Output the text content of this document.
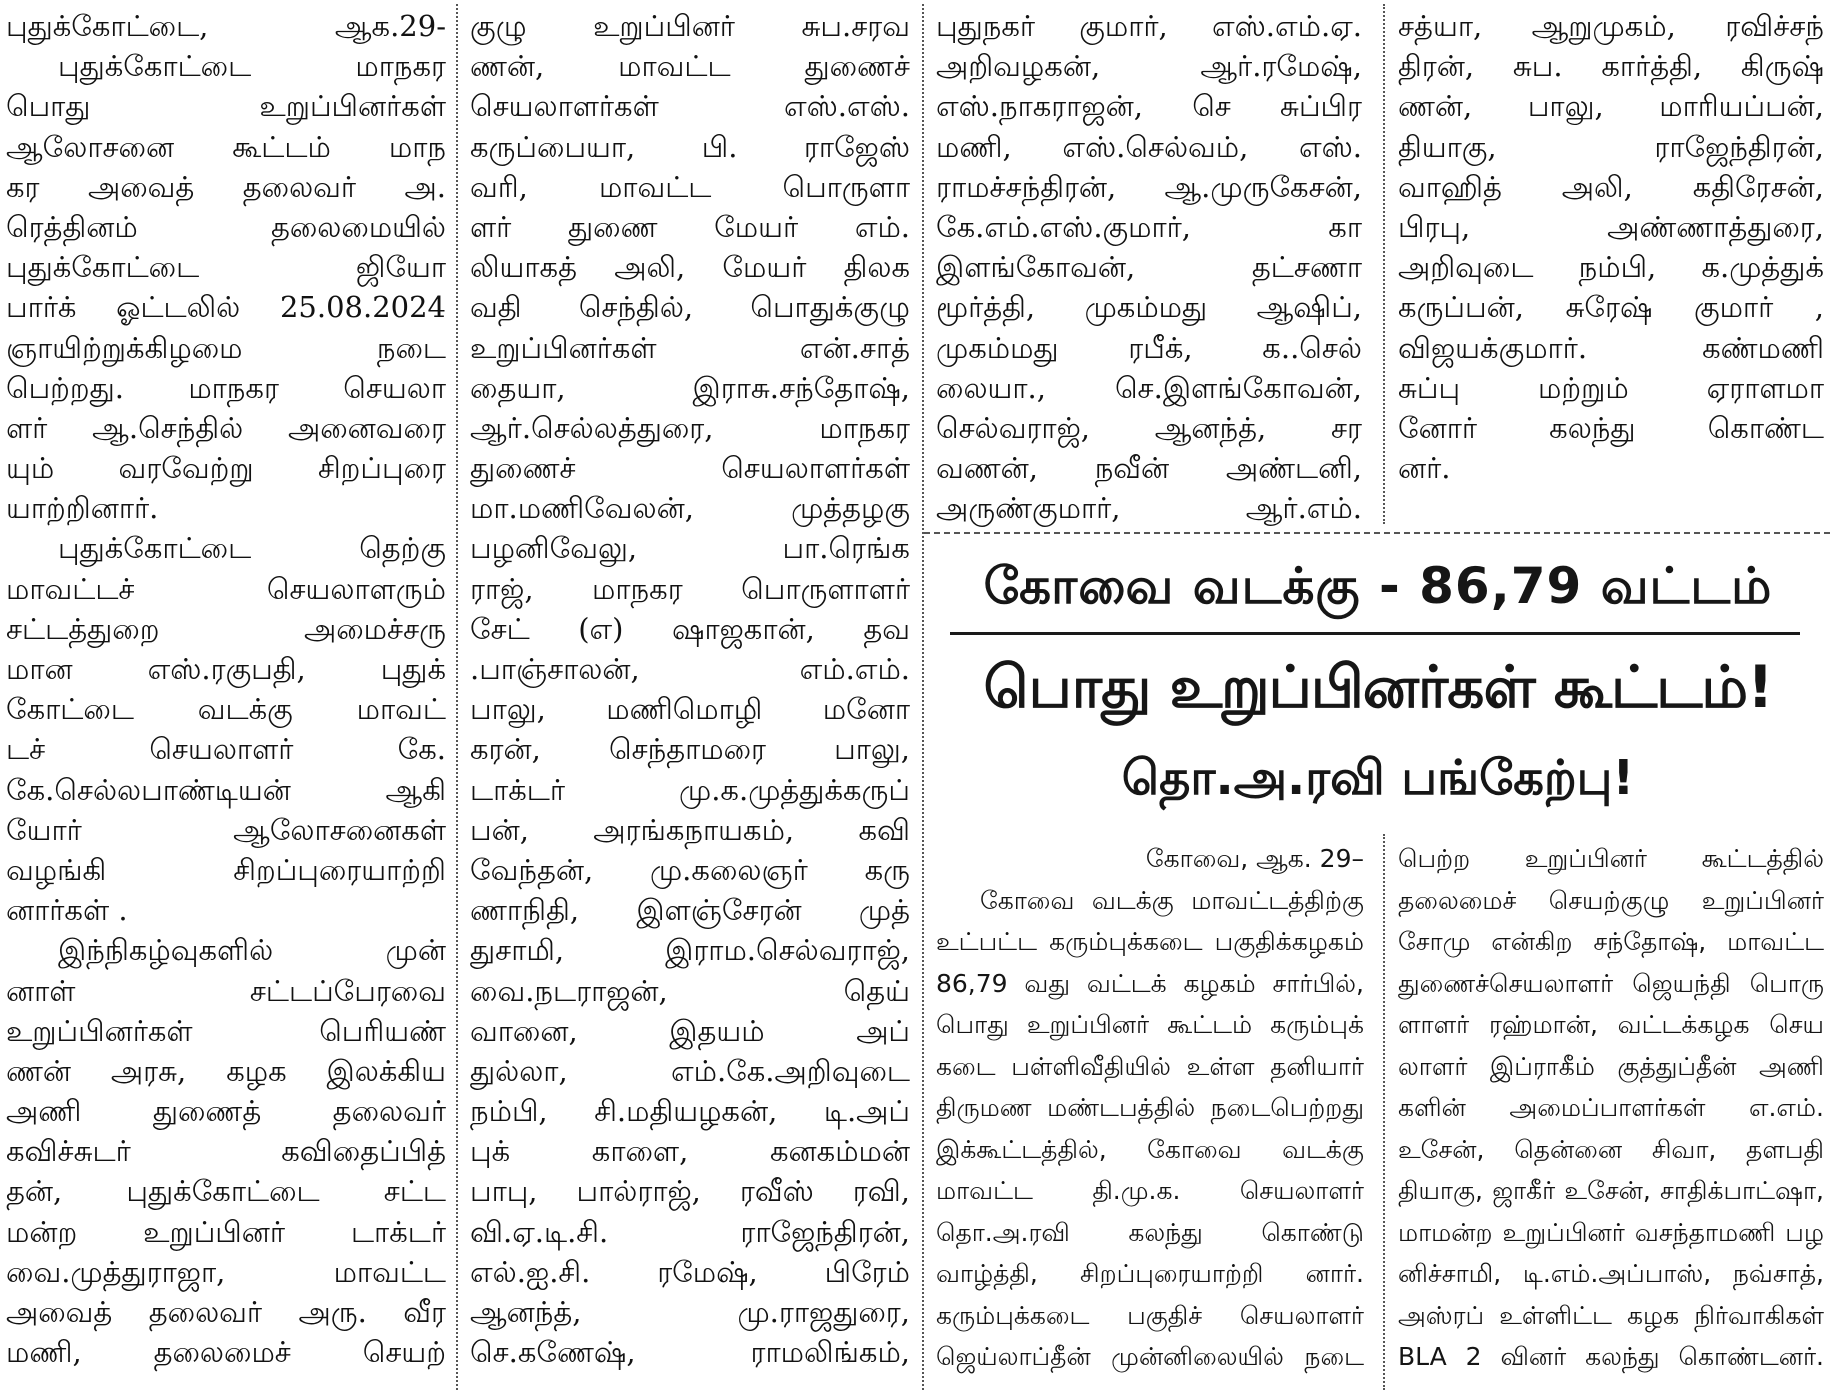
புதுக்கோட்டை, ஆக.29-
புதுக்கோட்டை மாநகர
பொது உறுப்பினர்கள்
ஆலோசனை கூட்டம் மாந
கர அவைத் தலைவர் அ.
ரெத்தினம் தலைமையில்
புதுக்கோட்டை ஜியோ
பார்க் ஓட்டலில் 25.08.2024
ஞாயிற்றுக்கிழமை நடை
பெற்றது. மாநகர செயலா
ளர் ஆ.செந்தில் அனைவரை
யும் வரவேற்று சிறப்புரை
யாற்றினார்.
புதுக்கோட்டை தெற்கு
மாவட்டச் செயலாளரும்
சட்டத்துறை அமைச்சரு
மான எஸ்.ரகுபதி, புதுக்
கோட்டை வடக்கு மாவட்
டச் செயலாளர் கே.
கே.செல்லபாண்டியன் ஆகி
யோர் ஆலோசனைகள்
வழங்கி சிறப்புரையாற்றி
னார்கள் .
இந்நிகழ்வுகளில் முன்
னாள் சட்டப்பேரவை
உறுப்பினர்கள் பெரியண்
ணன் அரசு, கழக இலக்கிய
அணி துணைத் தலைவர்
கவிச்சுடர் கவிதைப்பித்
தன், புதுக்கோட்டை சட்ட
மன்ற உறுப்பினர் டாக்டர்
வை.முத்துராஜா, மாவட்ட
அவைத் தலைவர் அரு. வீர
மணி, தலைமைச் செயற்
குழு உறுப்பினர் சுப.சரவ
ணன், மாவட்ட துணைச்
செயலாளர்கள் எஸ்.எஸ்.
கருப்பையா, பி. ராஜேஸ்
வரி, மாவட்ட பொருளா
ளர் துணை மேயர் எம்.
லியாகத் அலி, மேயர் திலக
வதி செந்தில், பொதுக்குழு
உறுப்பினர்கள் என்.சாத்
தையா, இராசு.சந்தோஷ்,
ஆர்.செல்லத்துரை, மாநகர
துணைச் செயலாளர்கள்
மா.மணிவேலன், முத்தழகு
பழனிவேலு, பா.ரெங்க
ராஜ், மாநகர பொருளாளர்
சேட் (எ) ஷாஜகான், தவ
.பாஞ்சாலன், எம்.எம்.
பாலு, மணிமொழி மனோ
கரன், செந்தாமரை பாலு,
டாக்டர் மு.க.முத்துக்கருப்
பன், அரங்கநாயகம், கவி
வேந்தன், மு.கலைஞர் கரு
ணாநிதி, இளஞ்சேரன் முத்
துசாமி, இராம.செல்வராஜ்,
வை.நடராஜன், தெய்
வானை, இதயம் அப்
துல்லா, எம்.கே.அறிவுடை
நம்பி, சி.மதியழகன், டி.அப்
புக் காளை, கனகம்மன்
பாபு, பால்ராஜ், ரவீஸ் ரவி,
வி.ஏ.டி.சி. ராஜேந்திரன்,
எல்.ஐ.சி. ரமேஷ், பிரேம்
ஆனந்த், மு.ராஜதுரை,
செ.கணேஷ், ராமலிங்கம்,
புதுநகர் குமார், எஸ்.எம்.ஏ.
அறிவழகன், ஆர்.ரமேஷ்,
எஸ்.நாகராஜன், செ சுப்பிர
மணி, எஸ்.செல்வம், எஸ்.
ராமச்சந்திரன், ஆ.முருகேசன்,
கே.எம்.எஸ்.குமார், கா
இளங்கோவன், தட்சணா
மூர்த்தி, முகம்மது ஆஷிப்,
முகம்மது ரபீக், க..செல்
லையா., செ.இளங்கோவன்,
செல்வராஜ், ஆனந்த், சர
வணன், நவீன் அண்டனி,
அருண்குமார், ஆர்.எம்.
சத்யா, ஆறுமுகம், ரவிச்சந்
திரன், சுப. கார்த்தி, கிருஷ்
ணன், பாலு, மாரியப்பன்,
தியாகு, ராஜேந்திரன்,
வாஹித் அலி, கதிரேசன்,
பிரபு, அண்ணாத்துரை,
அறிவுடை நம்பி, க.முத்துக்
கருப்பன், சுரேஷ் குமார் ,
விஜயக்குமார். கண்மணி
சுப்பு மற்றும் ஏராளமா
னோர் கலந்து கொண்ட
னர்.
கோவை வடக்கு - 86,79 வட்டம்
பொது உறுப்பினர்கள் கூட்டம்!
தொ.அ.ரவி பங்கேற்பு!
கோவை, ஆக. 29–
கோவை வடக்கு மாவட்டத்திற்கு
உட்பட்ட கரும்புக்கடை பகுதிக்கழகம்
86,79 வது வட்டக் கழகம் சார்பில்,
பொது உறுப்பினர் கூட்டம் கரும்புக்
கடை பள்ளிவீதியில் உள்ள தனியார்
திருமண மண்டபத்தில் நடைபெற்றது
இக்கூட்டத்தில், கோவை வடக்கு
மாவட்ட தி.மு.க. செயலாளர்
தொ.அ.ரவி கலந்து கொண்டு
வாழ்த்தி, சிறப்புரையாற்றி னார்.
கரும்புக்கடை பகுதிச் செயலாளர்
ஜெய்லாப்தீன் முன்னிலையில் நடை
பெற்ற உறுப்பினர் கூட்டத்தில்
தலைமைச் செயற்குழு உறுப்பினர்
சோமு என்கிற சந்தோஷ், மாவட்ட
துணைச்செயலாளர் ஜெயந்தி பொரு
ளாளர் ரஹ்மான், வட்டக்கழக செய
லாளர் இப்ராகீம் குத்துப்தீன் அணி
களின் அமைப்பாளர்கள் எ.எம்.
உசேன், தென்னை சிவா, தளபதி
தியாகு, ஜாகீர் உசேன், சாதிக்பாட்ஷா,
மாமன்ற உறுப்பினர் வசந்தாமணி பழ
னிச்சாமி, டி.எம்.அப்பாஸ், நவ்சாத்,
அஸ்ரப் உள்ளிட்ட கழக நிர்வாகிகள்
BLA 2 வினர் கலந்து கொண்டனர்.
